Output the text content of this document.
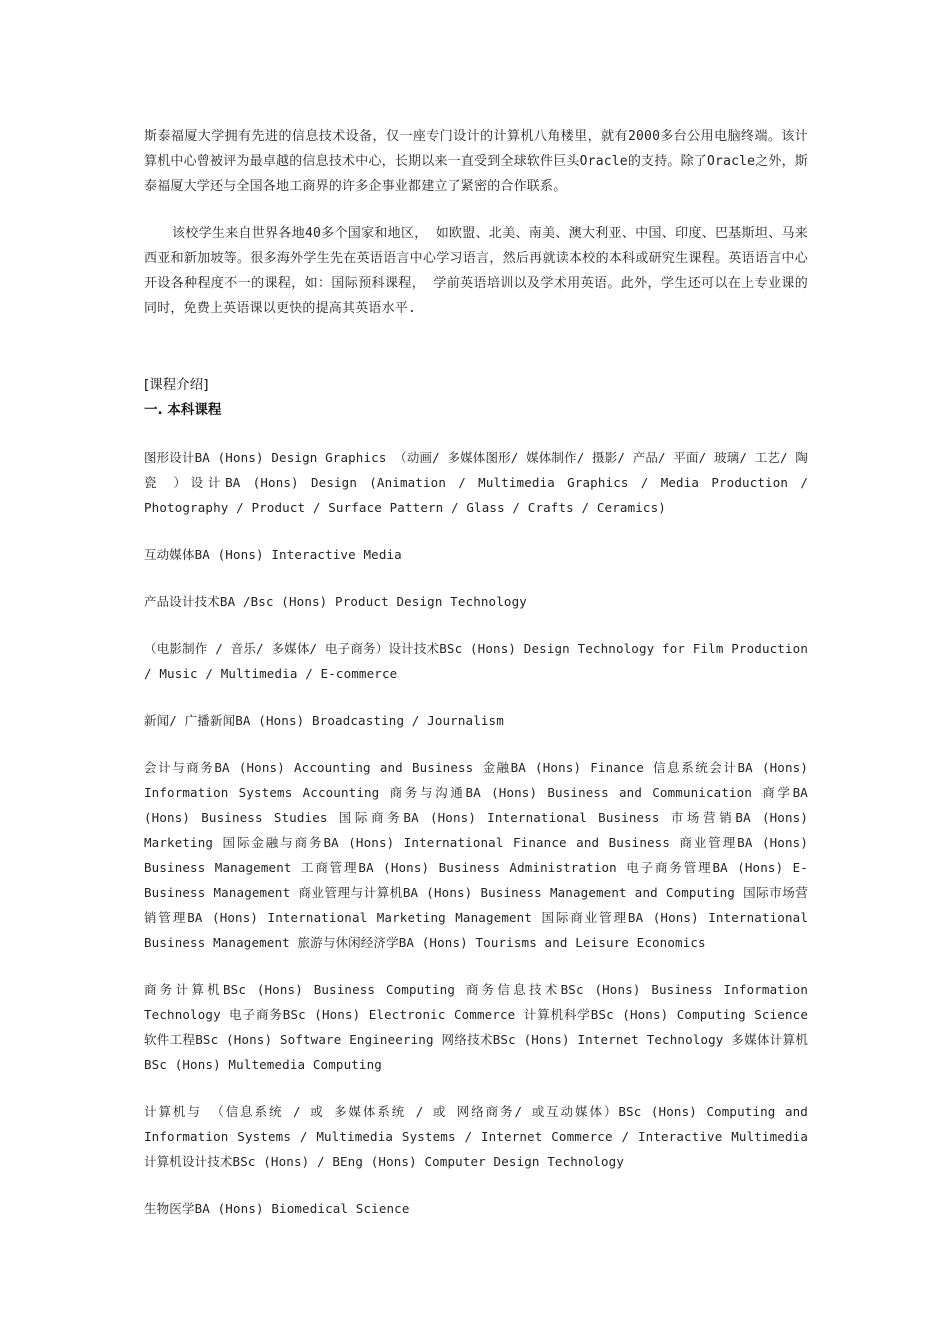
斯泰福厦大学拥有先进的信息技术设备，仅一座专门设计的计算机八角楼里，就有2000多台公用电脑终端。该计算机中心曾被评为最卓越的信息技术中心，长期以来一直受到全球软件巨头Oracle的支持。除了Oracle之外，斯泰福厦大学还与全国各地工商界的许多企事业都建立了紧密的合作联系。

该校学生来自世界各地40多个国家和地区， 如欧盟、北美、南美、澳大利亚、中国、印度、巴基斯坦、马来西亚和新加坡等。很多海外学生先在英语语言中心学习语言，然后再就读本校的本科或研究生课程。英语语言中心开设各种程度不一的课程，如：国际预科课程， 学前英语培训以及学术用英语。此外，学生还可以在上专业课的同时，免费上英语课以更快的提高其英语水平.

[课程介绍]

一. 本科课程

图形设计BA (Hons) Design Graphics （动画/ 多媒体图形/ 媒体制作/ 摄影/ 产品/ 平面/ 玻璃/ 工艺/ 陶瓷 ）设计BA (Hons) Design (Animation / Multimedia Graphics / Media Production / Photography / Product / Surface Pattern / Glass / Crafts / Ceramics)

互动媒体BA (Hons) Interactive Media

产品设计技术BA /Bsc (Hons) Product Design Technology

（电影制作 / 音乐/ 多媒体/ 电子商务）设计技术BSc (Hons) Design Technology for Film Production / Music / Multimedia / E-commerce

新闻/ 广播新闻BA (Hons) Broadcasting / Journalism

会计与商务BA (Hons) Accounting and Business 金融BA (Hons) Finance 信息系统会计BA (Hons) Information Systems Accounting 商务与沟通BA (Hons) Business and Communication 商学BA (Hons) Business Studies 国际商务BA (Hons) International Business 市场营销BA (Hons) Marketing 国际金融与商务BA (Hons) International Finance and Business 商业管理BA (Hons) Business Management 工商管理BA (Hons) Business Administration 电子商务管理BA (Hons) E-Business Management 商业管理与计算机BA (Hons) Business Management and Computing 国际市场营销管理BA (Hons) International Marketing Management 国际商业管理BA (Hons) International Business Management 旅游与休闲经济学BA (Hons) Tourisms and Leisure Economics

商务计算机BSc (Hons) Business Computing 商务信息技术BSc (Hons) Business Information Technology 电子商务BSc (Hons) Electronic Commerce 计算机科学BSc (Hons) Computing Science 软件工程BSc (Hons) Software Engineering 网络技术BSc (Hons) Internet Technology 多媒体计算机BSc (Hons) Multemedia Computing

计算机与 （信息系统 / 或 多媒体系统 / 或 网络商务/ 或互动媒体）BSc (Hons) Computing and Information Systems / Multimedia Systems / Internet Commerce / Interactive Multimedia 计算机设计技术BSc (Hons) / BEng (Hons) Computer Design Technology

生物医学BA (Hons) Biomedical Science
